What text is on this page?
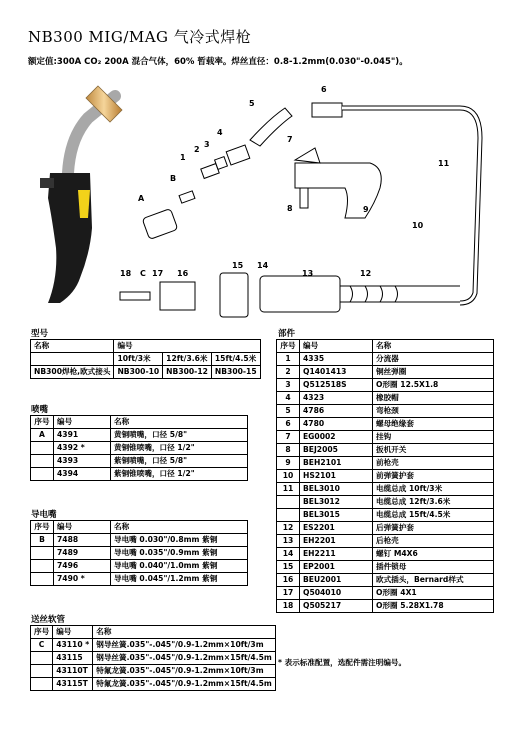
NB300 MIG/MAG 气冷式焊枪
额定值:300A CO₂ 200A 混合气体，60% 暂载率。焊丝直径：0.8-1.2mm(0.030"-0.045")。
A
B
1
2
3
4
5
6
7
8	9
10
11
12
13
14
15
16
17
18 C
型号
名称	编号		
	10ft/3米	12ft/3.6米	15ft/4.5米
NB300焊枪,欧式接头	NB300-10	NB300-12	NB300-15
喷嘴
序号	编号	名称
A	4391	黄铜喷嘴，口径 5/8"
	4392 *	黄铜锥喷嘴，口径 1/2"
	4393	紫铜喷嘴，口径 5/8"
	4394	紫铜锥喷嘴，口径 1/2"
导电嘴
序号	编号	名称
B	7488	导电嘴 0.030"/0.8mm 紫铜
	7489	导电嘴 0.035"/0.9mm 紫铜
	7496	导电嘴 0.040"/1.0mm 紫铜
	7490 *	导电嘴 0.045"/1.2mm 紫铜
送丝软管
序号	编号	名称
C	43110 *	钢导丝簧.035"-.045"/0.9-1.2mm×10ft/3m
	43115	钢导丝簧.035"-.045"/0.9-1.2mm×15ft/4.5m
	43110T	特氟龙簧.035"-.045"/0.9-1.2mm×10ft/3m
	43115T	特氟龙簧.035"-.045"/0.9-1.2mm×15ft/4.5m
部件
序号	编号	名称
1	4335	分流器
2	Q1401413	铜丝弹圈
3	Q512518S	O形圈 12.5X1.8
4	4323	橡胶帽
5	4786	弯枪颈
6	4780	螺母绝缘套
7	EG0002	挂钩
8	BEJ2005	扳机开关
9	BEH2101	前枪壳
10	HS2101	前弹簧护套
11	BEL3010	电缆总成 10ft/3米
	BEL3012	电缆总成 12ft/3.6米
	BEL3015	电缆总成 15ft/4.5米
12	ES2201	后弹簧护套
13	EH2201	后枪壳
14	EH2211	螺钉 M4X6
15	EP2001	插件锁母
16	BEU2001	欧式插头，Bernard样式
17	Q504010	O形圈 4X1
18	Q505217	O形圈 5.28X1.78
* 表示标准配置，选配件需注明编号。
